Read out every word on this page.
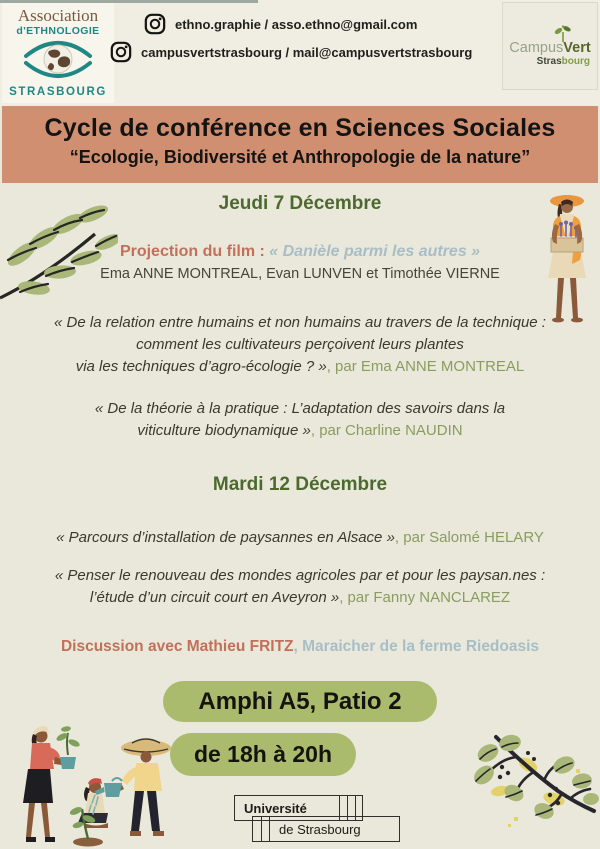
Association
d'ETHNOLOGIE
STRASBOURG
ethno.graphie / asso.ethno@gmail.com
campusvertstrasbourg / mail@campusvertstrasbourg	CampusVert
Strasbourg
Cycle de conférence en Sciences Sociales
“Ecologie, Biodiversité et Anthropologie de la nature”
Jeudi 7 Décembre
Projection du film : « Danièle parmi les autres »
Ema ANNE MONTREAL, Evan LUNVEN et Timothée VIERNE
« De la relation entre humains et non humains au travers de la technique :
comment les cultivateurs perçoivent leurs plantes
via les techniques d’agro-écologie ? », par Ema ANNE MONTREAL
« De la théorie à la pratique : L’adaptation des savoirs dans la
viticulture biodynamique », par Charline NAUDIN
Mardi 12 Décembre
« Parcours d’installation de paysannes en Alsace », par Salomé HELARY
« Penser le renouveau des mondes agricoles par et pour les paysan.nes :
l’étude d’un circuit court en Aveyron », par Fanny NANCLAREZ
Discussion avec Mathieu FRITZ, Maraicher de la ferme Riedoasis
Amphi A5, Patio 2
de 18h à 20h
Université
de Strasbourg
